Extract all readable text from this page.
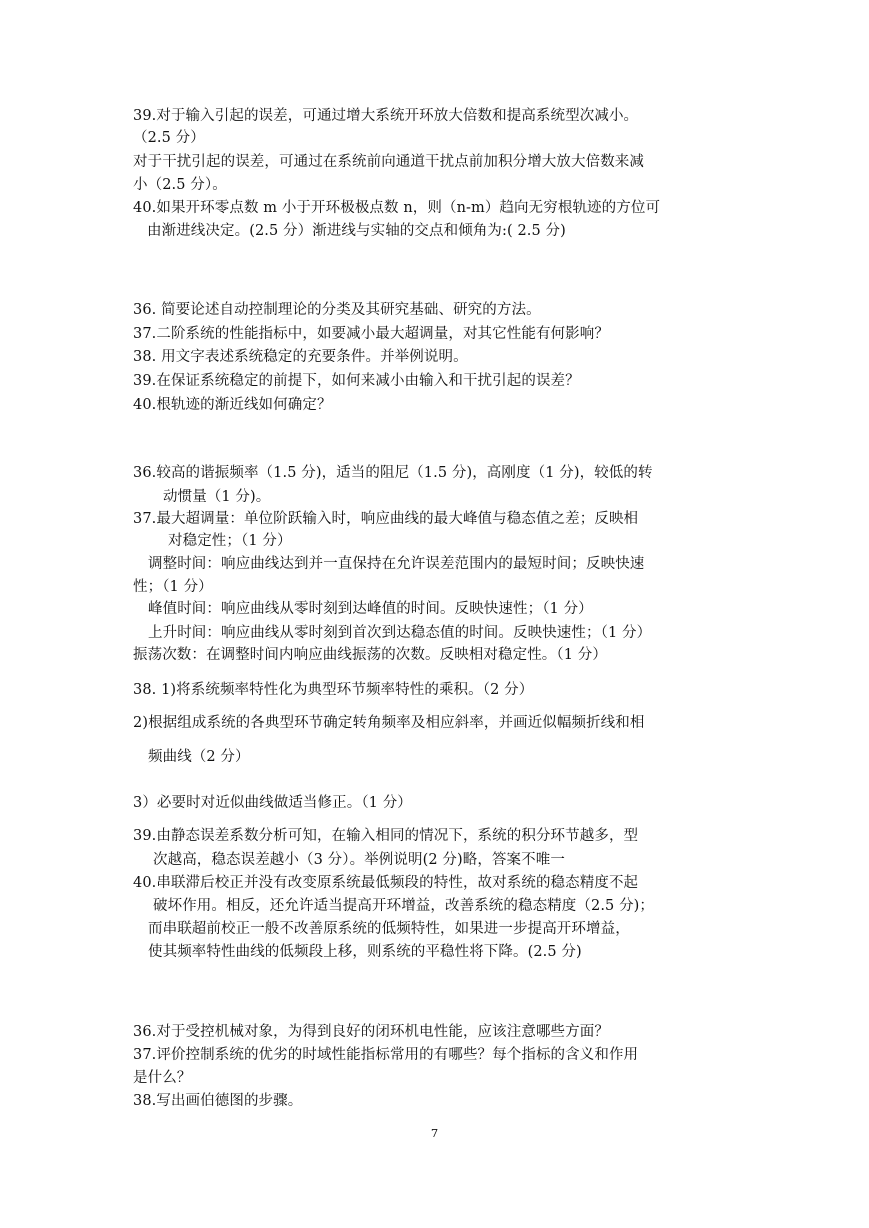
39.对于输入引起的误差，可通过增大系统开环放大倍数和提高系统型次减小。
（2.5 分）
对于干扰引起的误差，可通过在系统前向通道干扰点前加积分增大放大倍数来减
小（2.5 分）。
40.如果开环零点数 m 小于开环极极点数 n，则（n-m）趋向无穷根轨迹的方位可
由渐进线决定。(2.5 分）渐进线与实轴的交点和倾角为:( 2.5 分)
36. 简要论述自动控制理论的分类及其研究基础、研究的方法。
37.二阶系统的性能指标中，如要减小最大超调量，对其它性能有何影响？
38. 用文字表述系统稳定的充要条件。并举例说明。
39.在保证系统稳定的前提下，如何来减小由输入和干扰引起的误差？
40.根轨迹的渐近线如何确定？
36.较高的谐振频率（1.5 分)，适当的阻尼（1.5 分)，高刚度（1 分)，较低的转
动惯量（1 分)。
37.最大超调量：单位阶跃输入时，响应曲线的最大峰值与稳态值之差；反映相
对稳定性；（1 分）
调整时间：响应曲线达到并一直保持在允许误差范围内的最短时间；反映快速
性；（1 分）
峰值时间：响应曲线从零时刻到达峰值的时间。反映快速性；（1 分）
上升时间：响应曲线从零时刻到首次到达稳态值的时间。反映快速性；（1 分）
振荡次数：在调整时间内响应曲线振荡的次数。反映相对稳定性。（1 分）
38. 1)将系统频率特性化为典型环节频率特性的乘积。（2 分）
2)根据组成系统的各典型环节确定转角频率及相应斜率，并画近似幅频折线和相
频曲线（2 分）
3）必要时对近似曲线做适当修正。（1 分）
39.由静态误差系数分析可知，在输入相同的情况下，系统的积分环节越多，型
次越高，稳态误差越小（3 分）。举例说明(2 分)略，答案不唯一
40.串联滞后校正并没有改变原系统最低频段的特性，故对系统的稳态精度不起
破坏作用。相反，还允许适当提高开环增益，改善系统的稳态精度（2.5 分)；
而串联超前校正一般不改善原系统的低频特性，如果进一步提高开环增益，
使其频率特性曲线的低频段上移，则系统的平稳性将下降。(2.5 分)
36.对于受控机械对象，为得到良好的闭环机电性能，应该注意哪些方面？
37.评价控制系统的优劣的时域性能指标常用的有哪些？每个指标的含义和作用
是什么？
38.写出画伯德图的步骤。
7
